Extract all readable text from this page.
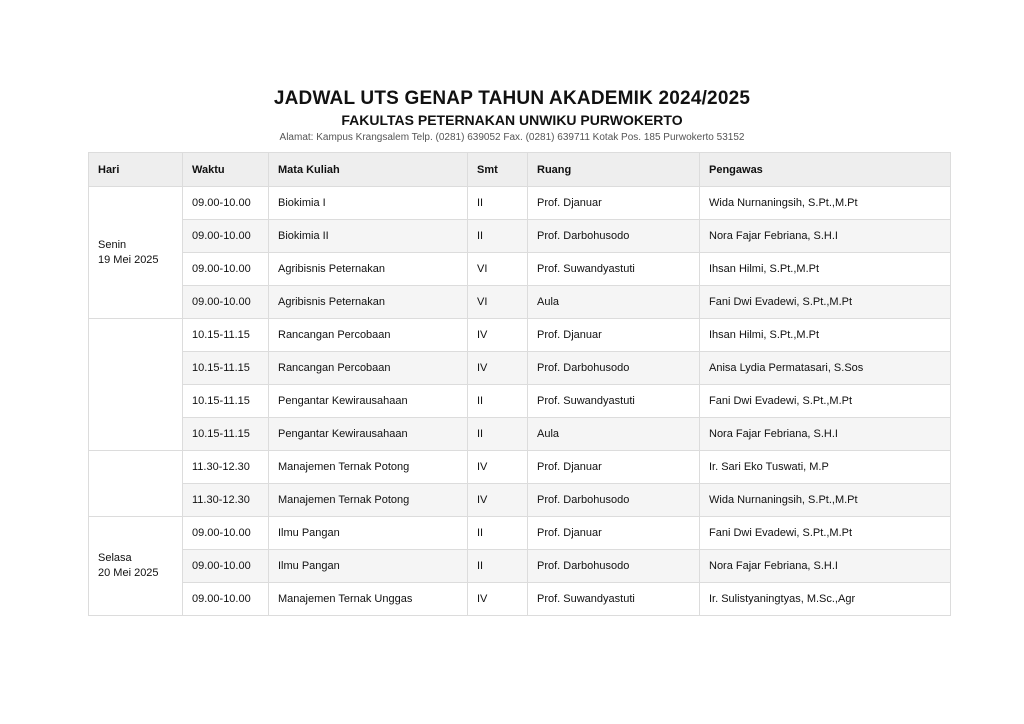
JADWAL UTS GENAP TAHUN AKADEMIK 2024/2025
FAKULTAS PETERNAKAN UNWIKU PURWOKERTO
Alamat: Kampus Krangsalem Telp. (0281) 639052 Fax. (0281) 639711 Kotak Pos. 185 Purwokerto 53152
Hari	Waktu	Mata Kuliah	Smt	Ruang	Pengawas

Senin
19 Mei 2025	09.00-10.00	Biokimia I	II	Prof. Djanuar	Wida Nurnaningsih, S.Pt.,M.Pt
	09.00-10.00	Biokimia II	II	Prof. Darbohusodo	Nora Fajar Febriana, S.H.I
	09.00-10.00	Agribisnis Peternakan	VI	Prof. Suwandyastuti	Ihsan Hilmi, S.Pt.,M.Pt
	09.00-10.00	Agribisnis Peternakan	VI	Aula	Fani Dwi Evadewi, S.Pt.,M.Pt

	10.15-11.15	Rancangan Percobaan	IV	Prof. Djanuar	Ihsan Hilmi, S.Pt.,M.Pt
	10.15-11.15	Rancangan Percobaan	IV	Prof. Darbohusodo	Anisa Lydia Permatasari, S.Sos
	10.15-11.15	Pengantar Kewirausahaan	II	Prof. Suwandyastuti	Fani Dwi Evadewi, S.Pt.,M.Pt
	10.15-11.15	Pengantar Kewirausahaan	II	Aula	Nora Fajar Febriana, S.H.I

	11.30-12.30	Manajemen Ternak Potong	IV	Prof. Djanuar	Ir. Sari Eko Tuswati, M.P
	11.30-12.30	Manajemen Ternak Potong	IV	Prof. Darbohusodo	Wida Nurnaningsih, S.Pt.,M.Pt

Selasa
20 Mei 2025	09.00-10.00	Ilmu Pangan	II	Prof. Djanuar	Fani Dwi Evadewi, S.Pt.,M.Pt
	09.00-10.00	Ilmu Pangan	II	Prof. Darbohusodo	Nora Fajar Febriana, S.H.I
	09.00-10.00	Manajemen Ternak Unggas	IV	Prof. Suwandyastuti	Ir. Sulistyaningtyas, M.Sc.,Agr
